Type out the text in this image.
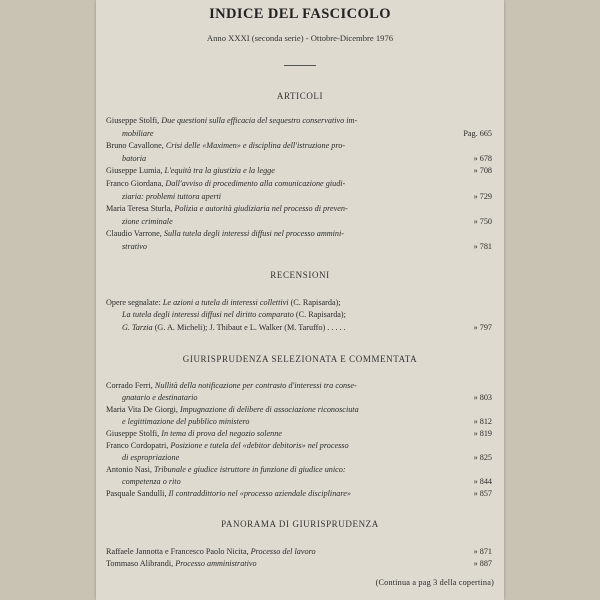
INDICE DEL FASCICOLO
Anno XXXI (seconda serie) - Ottobre-Dicembre 1976
ARTICOLI
Giuseppe Stolfi, Due questioni sulla efficacia del sequestro conservativo im-
mobiliare	Pag. 665
Bruno Cavallone, Crisi delle «Maximen» e disciplina dell'istruzione pro-
batoria	» 678
Giuseppe Lumia, L'equità tra la giustizia e la legge	» 708
Franco Giordana, Dall'avviso di procedimento alla comunicazione giudi-
ziaria: problemi tuttora aperti	» 729
Maria Teresa Sturla, Polizia e autorità giudiziaria nel processo di preven-
zione criminale	» 750
Claudio Varrone, Sulla tutela degli interessi diffusi nel processo ammini-
strativo	» 781
RECENSIONI
Opere segnalate: Le azioni a tutela di interessi collettivi (C. Rapisarda);
La tutela degli interessi diffusi nel diritto comparato (C. Rapisarda);
G. Tarzia (G. A. Micheli); J. Thibaut e L. Walker (M. Taruffo) . . . . .	» 797
GIURISPRUDENZA SELEZIONATA E COMMENTATA
Corrado Ferri, Nullità della notificazione per contrasto d'interessi tra conse-
gnatario e destinatario	» 803
Maria Vita De Giorgi, Impugnazione di delibere di associazione riconosciuta
e legittimazione del pubblico ministero	» 812
Giuseppe Stolfi, In tema di prova del negozio solenne	» 819
Franco Cordopatri, Posizione e tutela del «debitor debitoris» nel processo
di espropriazione	» 825
Antonio Nasi, Tribunale e giudice istruttore in funzione di giudice unico:
competenza o rito	» 844
Pasquale Sandulli, Il contraddittorio nel «processo aziendale disciplinare»	» 857
PANORAMA DI GIURISPRUDENZA
Raffaele Jannotta e Francesco Paolo Nicita, Processo del lavoro	» 871
Tommaso Alibrandi, Processo amministrativo	» 887
(Continua a pag 3 della copertina)
